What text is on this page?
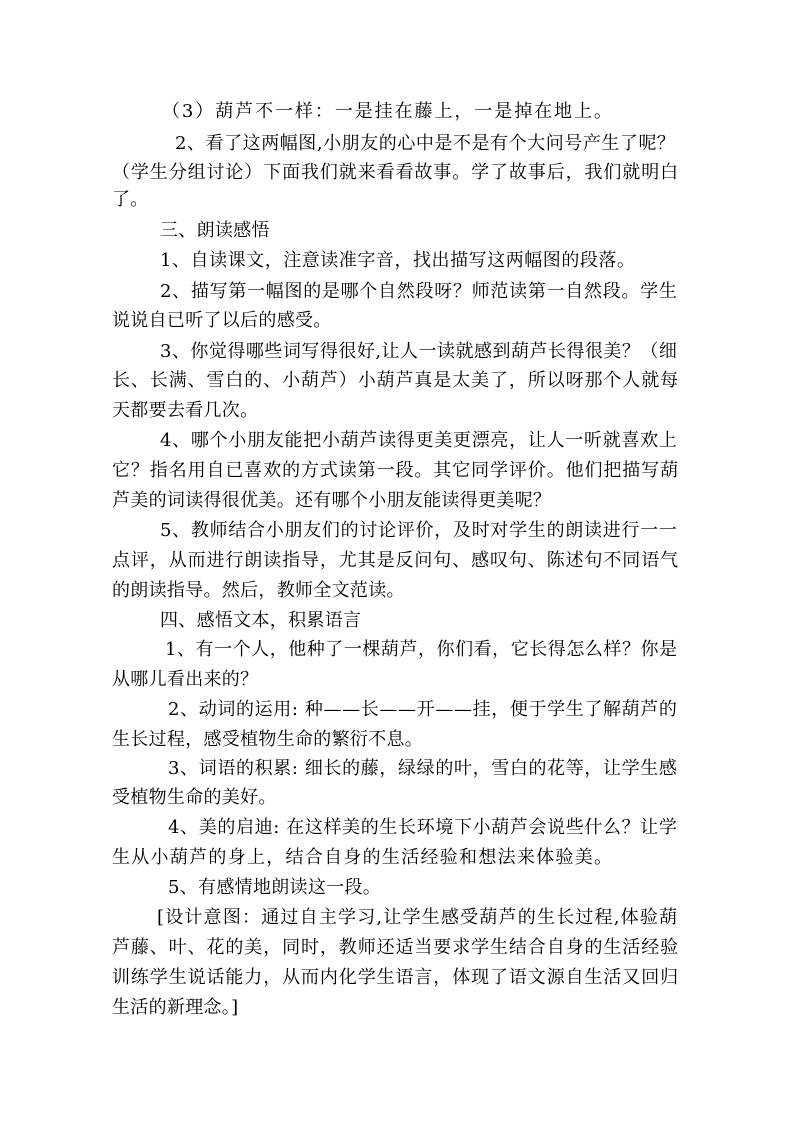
（3）葫芦不一样：一是挂在藤上，一是掉在地上。
2、看了这两幅图,小朋友的心中是不是有个大问号产生了呢？
（学生分组讨论）下面我们就来看看故事。学了故事后，我们就明白
了。
三、朗读感悟
1、自读课文，注意读准字音，找出描写这两幅图的段落。
2、描写第一幅图的是哪个自然段呀？师范读第一自然段。学生
说说自已听了以后的感受。
3、你觉得哪些词写得很好,让人一读就感到葫芦长得很美？（细
长、长满、雪白的、小葫芦）小葫芦真是太美了，所以呀那个人就每
天都要去看几次。
4、哪个小朋友能把小葫芦读得更美更漂亮，让人一听就喜欢上
它？指名用自已喜欢的方式读第一段。其它同学评价。他们把描写葫
芦美的词读得很优美。还有哪个小朋友能读得更美呢？
5、教师结合小朋友们的讨论评价，及时对学生的朗读进行一一
点评，从而进行朗读指导，尤其是反问句、感叹句、陈述句不同语气
的朗读指导。然后，教师全文范读。
四、感悟文本，积累语言
1、有一个人，他种了一棵葫芦，你们看，它长得怎么样？你是
从哪儿看出来的？
2、动词的运用: 种——长——开——挂，便于学生了解葫芦的
生长过程，感受植物生命的繁衍不息。
3、词语的积累: 细长的藤，绿绿的叶，雪白的花等，让学生感
受植物生命的美好。
4、美的启迪: 在这样美的生长环境下小葫芦会说些什么？让学
生从小葫芦的身上，结合自身的生活经验和想法来体验美。
5、有感情地朗读这一段。
[设计意图：通过自主学习,让学生感受葫芦的生长过程,体验葫
芦藤、叶、花的美，同时，教师还适当要求学生结合自身的生活经验
训练学生说话能力，从而内化学生语言，体现了语文源自生活又回归
生活的新理念。]
